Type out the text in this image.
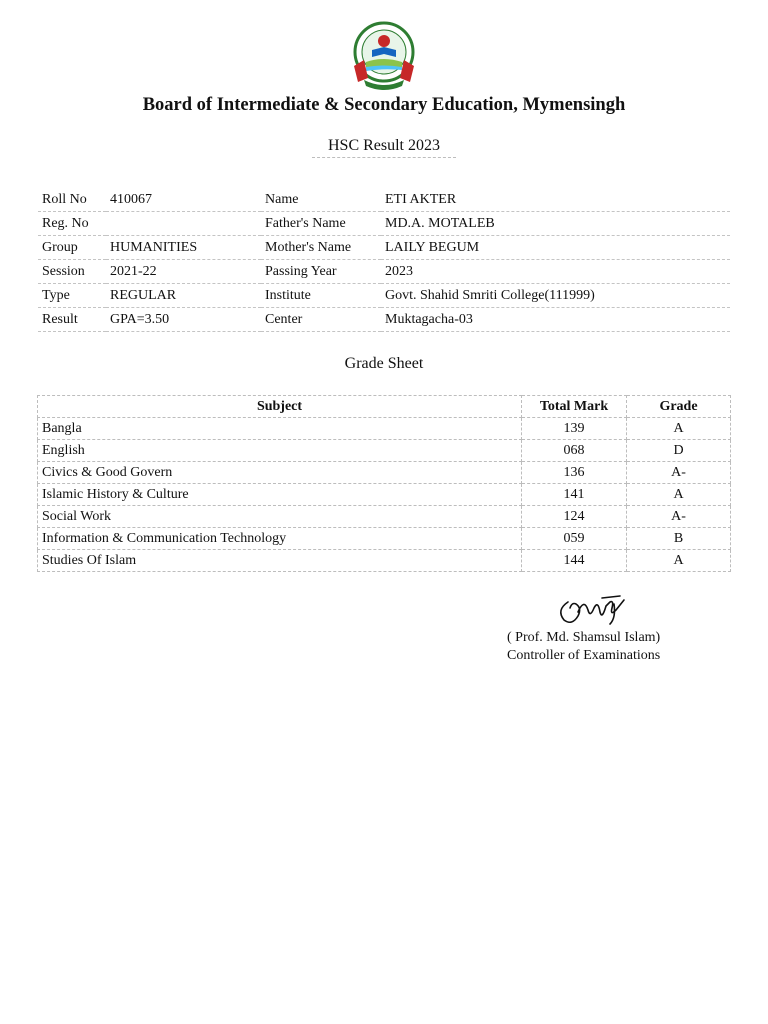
Board of Intermediate & Secondary Education, Mymensingh
HSC Result 2023
Roll No	410067	Name	ETI AKTER
Reg. No		Father's Name	MD.A. MOTALEB
Group	HUMANITIES	Mother's Name	LAILY BEGUM
Session	2021-22	Passing Year	2023
Type	REGULAR	Institute	Govt. Shahid Smriti College(111999)
Result	GPA=3.50	Center	Muktagacha-03
Grade Sheet
Subject	Total Mark	Grade
Bangla	139	A
English	068	D
Civics & Good Govern	136	A-
Islamic History & Culture	141	A
Social Work	124	A-
Information & Communication Technology	059	B
Studies Of Islam	144	A
( Prof. Md. Shamsul Islam)
Controller of Examinations
